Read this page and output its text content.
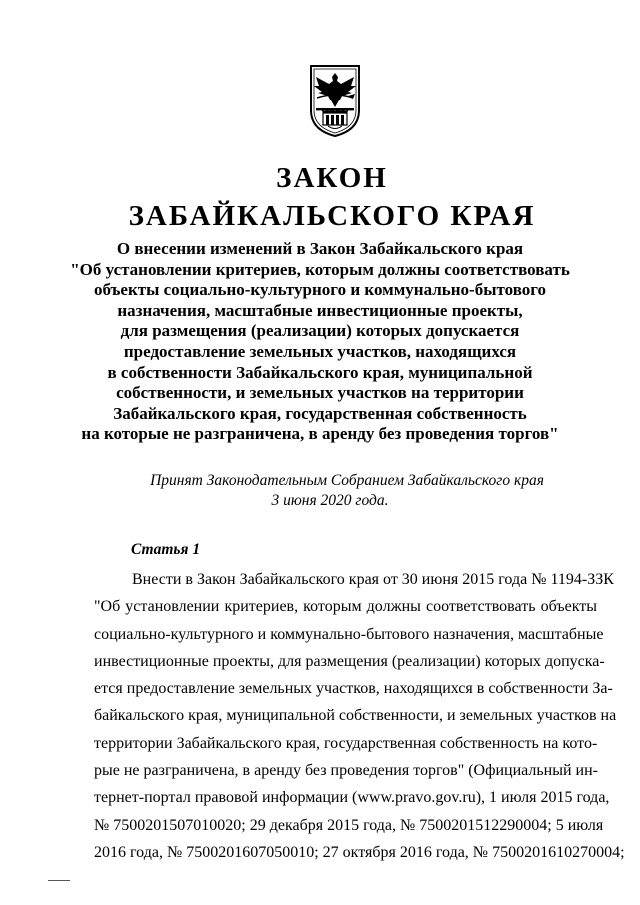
ЗАКОН
ЗАБАЙКАЛЬСКОГО КРАЯ
О внесении изменений в Закон Забайкальского края
"Об установлении критериев, которым должны соответствовать
объекты социально-культурного и коммунально-бытового
назначения, масштабные инвестиционные проекты,
для размещения (реализации) которых допускается
предоставление земельных участков, находящихся
в собственности Забайкальского края, муниципальной
собственности, и земельных участков на территории
Забайкальского края, государственная собственность
на которые не разграничена, в аренду без проведения торгов"
Принят Законодательным Собранием Забайкальского края
3 июня 2020 года.
Статья 1
Внести в Закон Забайкальского края от 30 июня 2015 года № 1194-ЗЗК
"Об установлении критериев, которым должны соответствовать объекты
социально-культурного и коммунально-бытового назначения, масштабные
инвестиционные проекты, для размещения (реализации) которых допуска-
ется предоставление земельных участков, находящихся в собственности За-
байкальского края, муниципальной собственности, и земельных участков на
территории Забайкальского края, государственная собственность на кото-
рые не разграничена, в аренду без проведения торгов" (Официальный ин-
тернет-портал правовой информации (www.pravo.gov.ru), 1 июля 2015 года,
№ 7500201507010020; 29 декабря 2015 года, № 7500201512290004; 5 июля
2016 года, № 7500201607050010; 27 октября 2016 года, № 7500201610270004;
